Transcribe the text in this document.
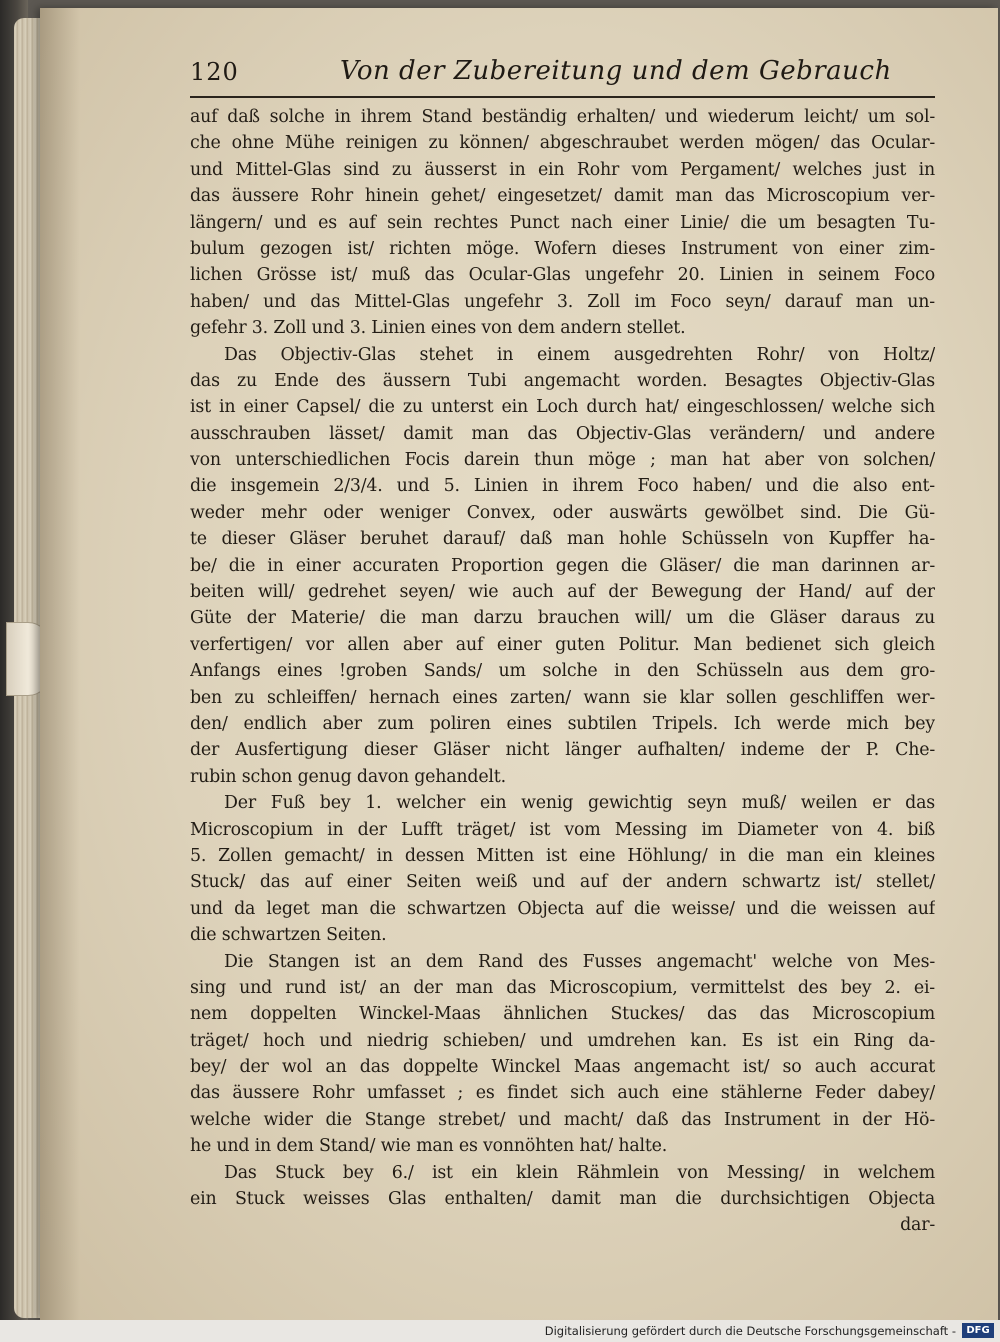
120	Von der Zubereitung und dem Gebrauch
auf daß solche in ihrem Stand beständig erhalten/ und wiederum leicht/ um sol-
che ohne Mühe reinigen zu können/ abgeschraubet werden mögen/ das Ocular-
und Mittel-Glas sind zu äusserst in ein Rohr vom Pergament/ welches just in
das äussere Rohr hinein gehet/ eingesetzet/ damit man das Microscopium ver-
längern/ und es auf sein rechtes Punct nach einer Linie/ die um besagten Tu-
bulum gezogen ist/ richten möge. Wofern dieses Instrument von einer zim-
lichen Grösse ist/ muß das Ocular-Glas ungefehr 20. Linien in seinem Foco
haben/ und das Mittel-Glas ungefehr 3. Zoll im Foco seyn/ darauf man un-
gefehr 3. Zoll und 3. Linien eines von dem andern stellet.
Das Objectiv-Glas stehet in einem ausgedrehten Rohr/ von Holtz/
das zu Ende des äussern Tubi angemacht worden. Besagtes Objectiv-Glas
ist in einer Capsel/ die zu unterst ein Loch durch hat/ eingeschlossen/ welche sich
ausschrauben lässet/ damit man das Objectiv-Glas verändern/ und andere
von unterschiedlichen Focis darein thun möge ; man hat aber von solchen/
die insgemein 2/3/4. und 5. Linien in ihrem Foco haben/ und die also ent-
weder mehr oder weniger Convex, oder auswärts gewölbet sind. Die Gü-
te dieser Gläser beruhet darauf/ daß man hohle Schüsseln von Kupffer ha-
be/ die in einer accuraten Proportion gegen die Gläser/ die man darinnen ar-
beiten will/ gedrehet seyen/ wie auch auf der Bewegung der Hand/ auf der
Güte der Materie/ die man darzu brauchen will/ um die Gläser daraus zu
verfertigen/ vor allen aber auf einer guten Politur. Man bedienet sich gleich
Anfangs eines !groben Sands/ um solche in den Schüsseln aus dem gro-
ben zu schleiffen/ hernach eines zarten/ wann sie klar sollen geschliffen wer-
den/ endlich aber zum poliren eines subtilen Tripels. Ich werde mich bey
der Ausfertigung dieser Gläser nicht länger aufhalten/ indeme der P. Che-
rubin schon genug davon gehandelt.
Der Fuß bey 1. welcher ein wenig gewichtig seyn muß/ weilen er das
Microscopium in der Lufft träget/ ist vom Messing im Diameter von 4. biß
5. Zollen gemacht/ in dessen Mitten ist eine Höhlung/ in die man ein kleines
Stuck/ das auf einer Seiten weiß und auf der andern schwartz ist/ stellet/
und da leget man die schwartzen Objecta auf die weisse/ und die weissen auf
die schwartzen Seiten.
Die Stangen ist an dem Rand des Fusses angemacht' welche von Mes-
sing und rund ist/ an der man das Microscopium, vermittelst des bey 2. ei-
nem doppelten Winckel-Maas ähnlichen Stuckes/ das das Microscopium
träget/ hoch und niedrig schieben/ und umdrehen kan. Es ist ein Ring da-
bey/ der wol an das doppelte Winckel Maas angemacht ist/ so auch accurat
das äussere Rohr umfasset ; es findet sich auch eine stählerne Feder dabey/
welche wider die Stange strebet/ und macht/ daß das Instrument in der Hö-
he und in dem Stand/ wie man es vonnöhten hat/ halte.
Das Stuck bey 6./ ist ein klein Rähmlein von Messing/ in welchem
ein Stuck weisses Glas enthalten/ damit man die durchsichtigen Objecta
dar-
Digitalisierung gefördert durch die Deutsche Forschungsgemeinschaft -	DFG
